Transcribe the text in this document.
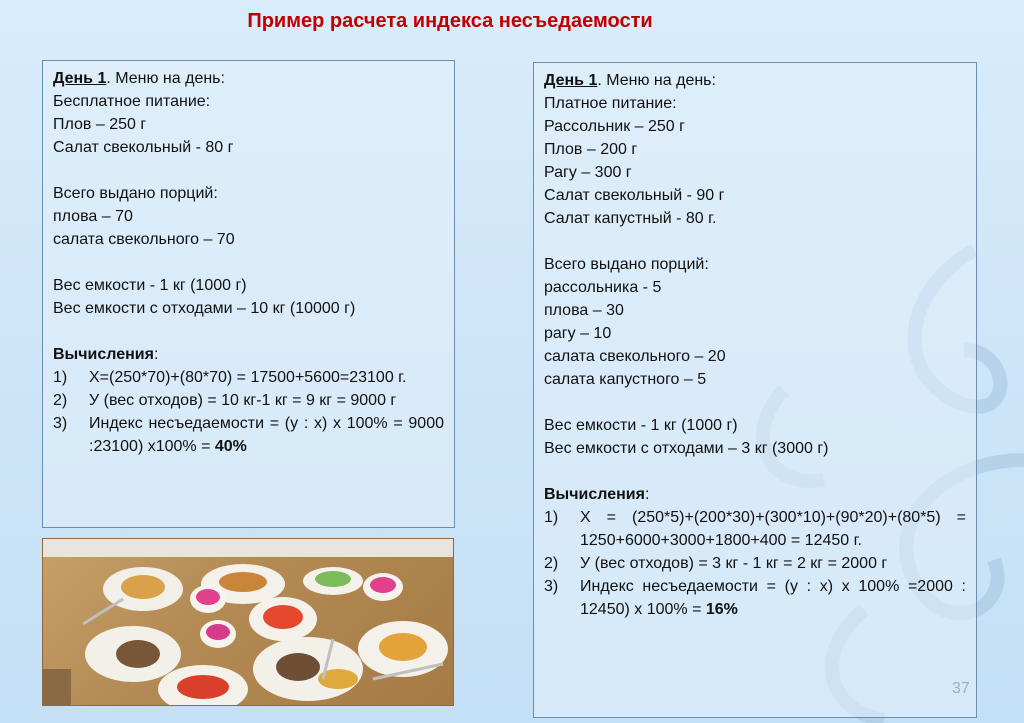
Пример расчета индекса несъедаемости
День 1. Меню на день:
Бесплатное питание:
Плов – 250 г
Салат свекольный - 80 г
Всего выдано порций:
плова – 70
салата свекольного – 70
Вес емкости - 1 кг (1000 г)
Вес емкости с отходами – 10 кг (10000 г)
Вычисления:
1) Х=(250*70)+(80*70) = 17500+5600=23100 г.
2) У (вес отходов) = 10 кг-1 кг = 9 кг = 9000 г
3) Индекс несъедаемости = (у : х) х 100% = 9000 :23100) х100% = 40%
День 1. Меню на день:
Платное питание:
Рассольник – 250 г
Плов – 200 г
Рагу – 300 г
Салат свекольный - 90 г
Салат капустный - 80 г.
Всего выдано порций:
рассольника - 5
плова – 30
рагу – 10
салата свекольного – 20
салата капустного – 5
Вес емкости - 1 кг (1000 г)
Вес емкости с отходами – 3 кг (3000 г)
Вычисления:
1) Х = (250*5)+(200*30)+(300*10)+(90*20)+(80*5) = 1250+6000+3000+1800+400 = 12450 г.
2) У (вес отходов) = 3 кг - 1 кг = 2 кг = 2000 г
3) Индекс несъедаемости = (у : х) х 100% =2000 : 12450) х 100% = 16%
37
